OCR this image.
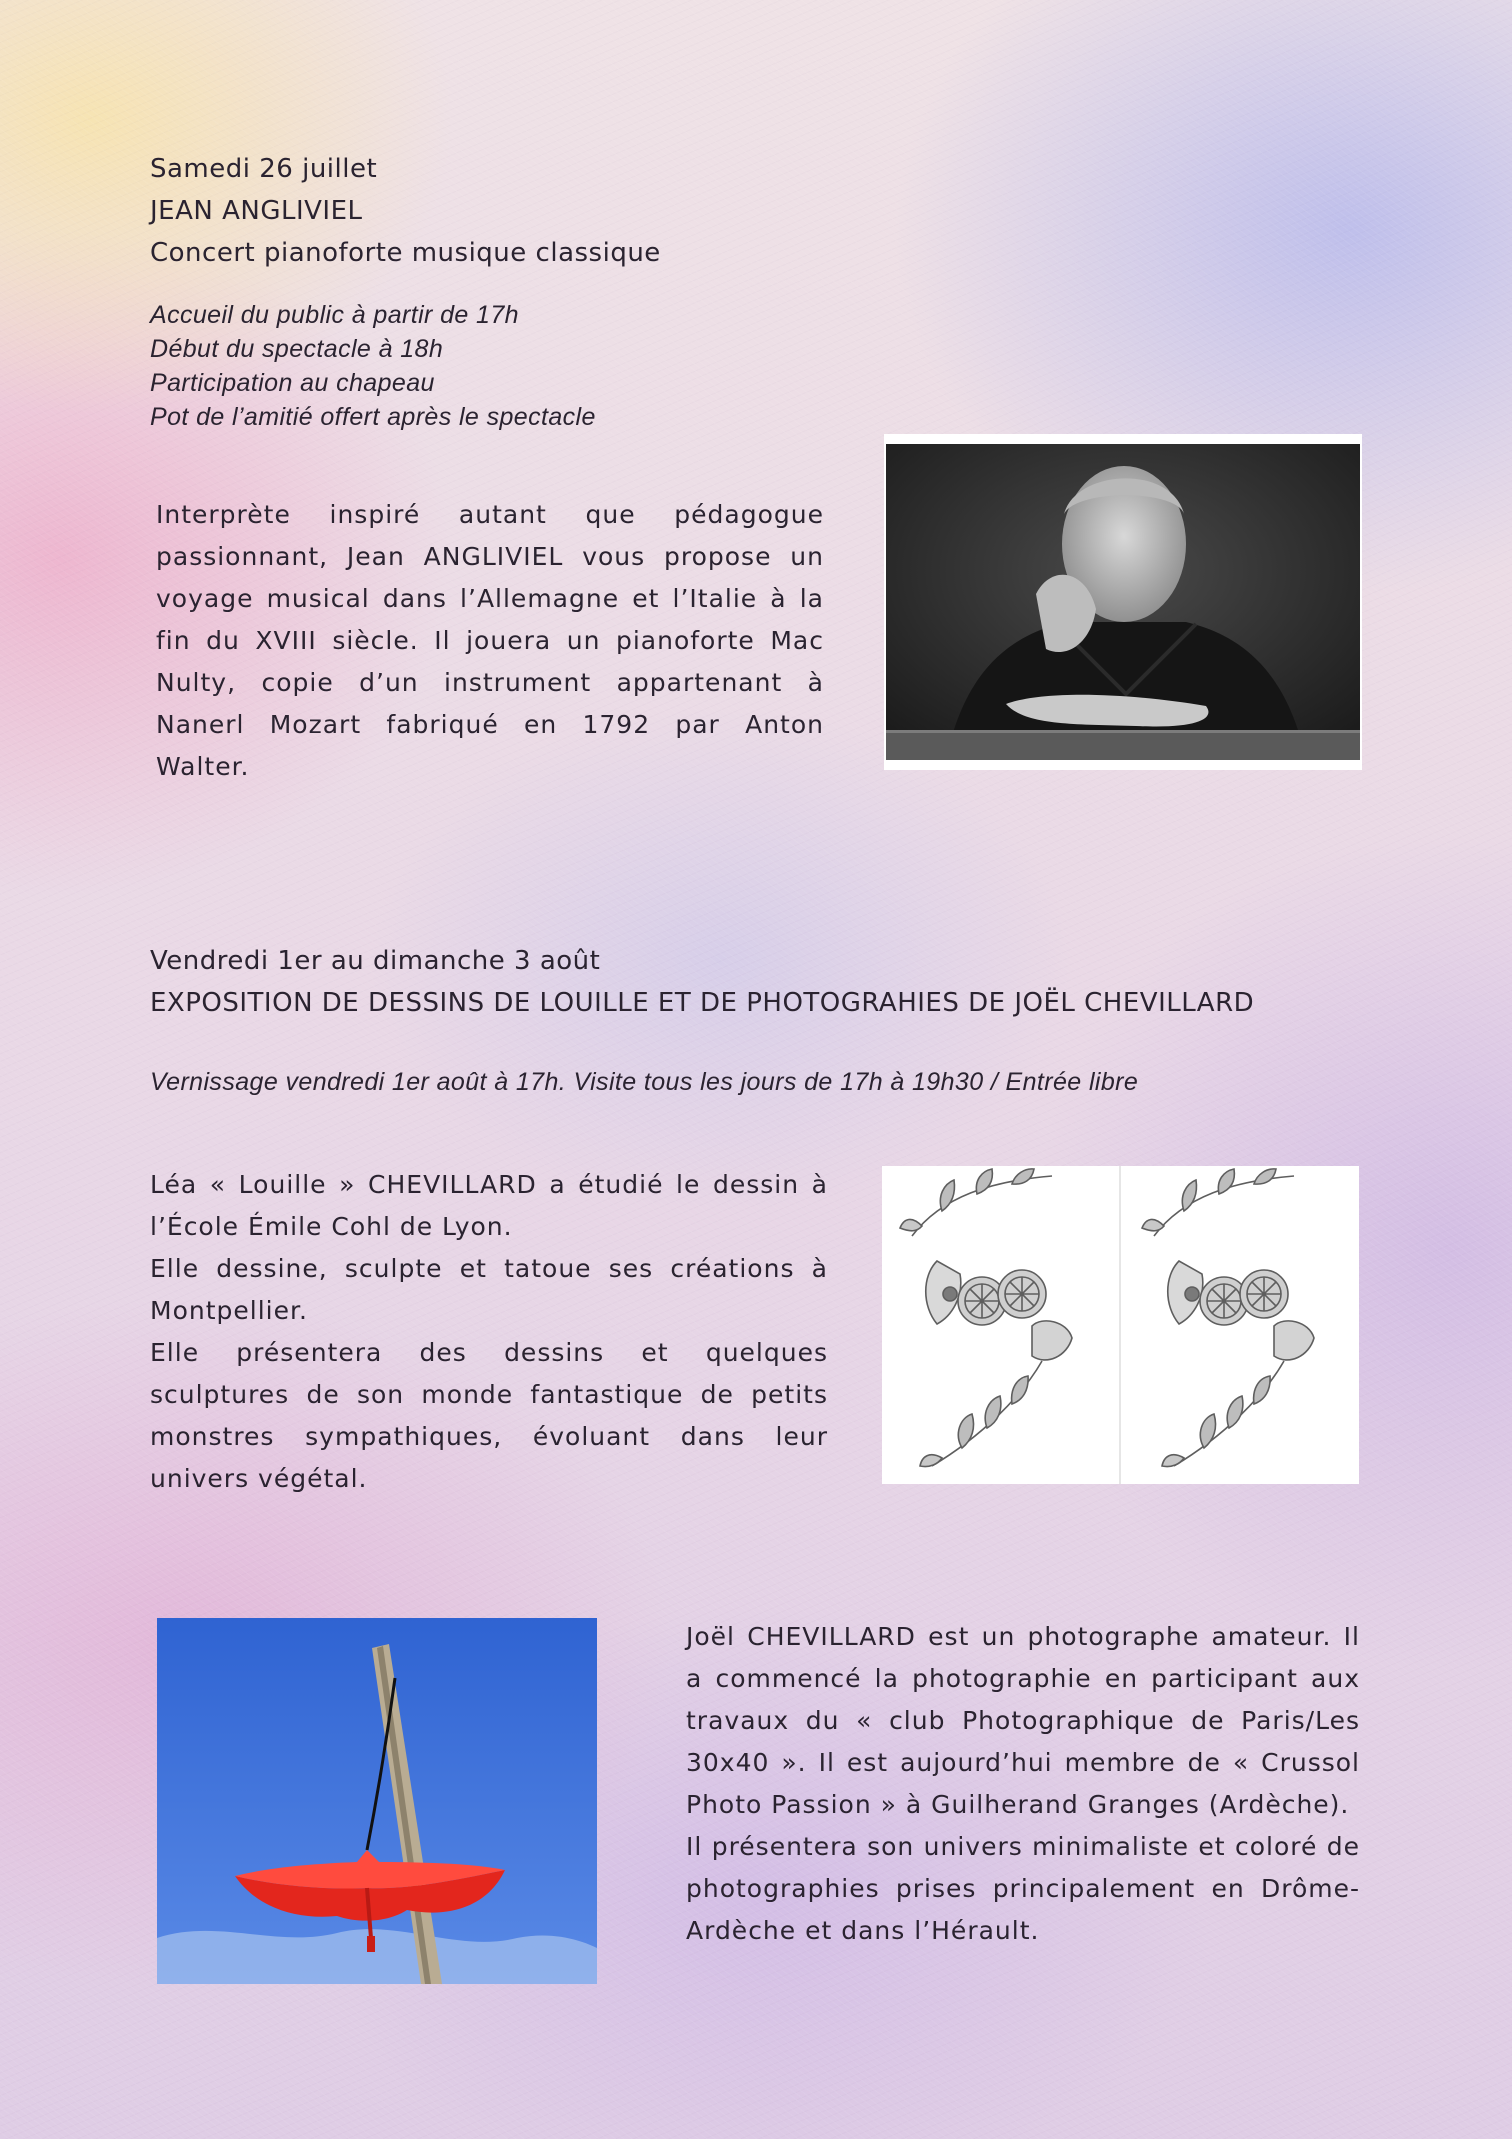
Samedi 26 juillet
JEAN ANGLIVIEL
Concert pianoforte musique classique
Accueil du public à partir de 17h
Début du spectacle à 18h
Participation au chapeau
Pot de l’amitié offert après le spectacle
Interprète inspiré autant que pédagogue passionnant, Jean ANGLIVIEL vous propose un voyage musical dans l’Allemagne et l’Italie à la fin du XVIII siècle. Il jouera un pianoforte Mac Nulty, copie d’un instrument appartenant à Nanerl Mozart fabriqué en 1792 par Anton Walter.
Vendredi 1er au dimanche 3 août
EXPOSITION DE DESSINS DE LOUILLE ET DE PHOTOGRAHIES DE JOËL CHEVILLARD
Vernissage vendredi 1er août à 17h. Visite tous les jours de 17h à 19h30 / Entrée libre

Léa « Louille » CHEVILLARD a étudié le dessin à l’École Émile Cohl de Lyon.

Elle dessine, sculpte et tatoue ses créations à Montpellier.

Elle présentera des dessins et quelques sculptures de son monde fantastique de petits monstres sympathiques, évoluant dans leur univers végétal.

Joël CHEVILLARD est un photographe amateur. Il a commencé la photographie en participant aux travaux du « club Photographique de Paris/Les 30x40 ». Il est aujourd’hui membre de « Crussol Photo Passion » à Guilherand Granges (Ardèche).

Il présentera son univers minimaliste et coloré de photographies prises principalement en Drôme-Ardèche et dans l’Hérault.
